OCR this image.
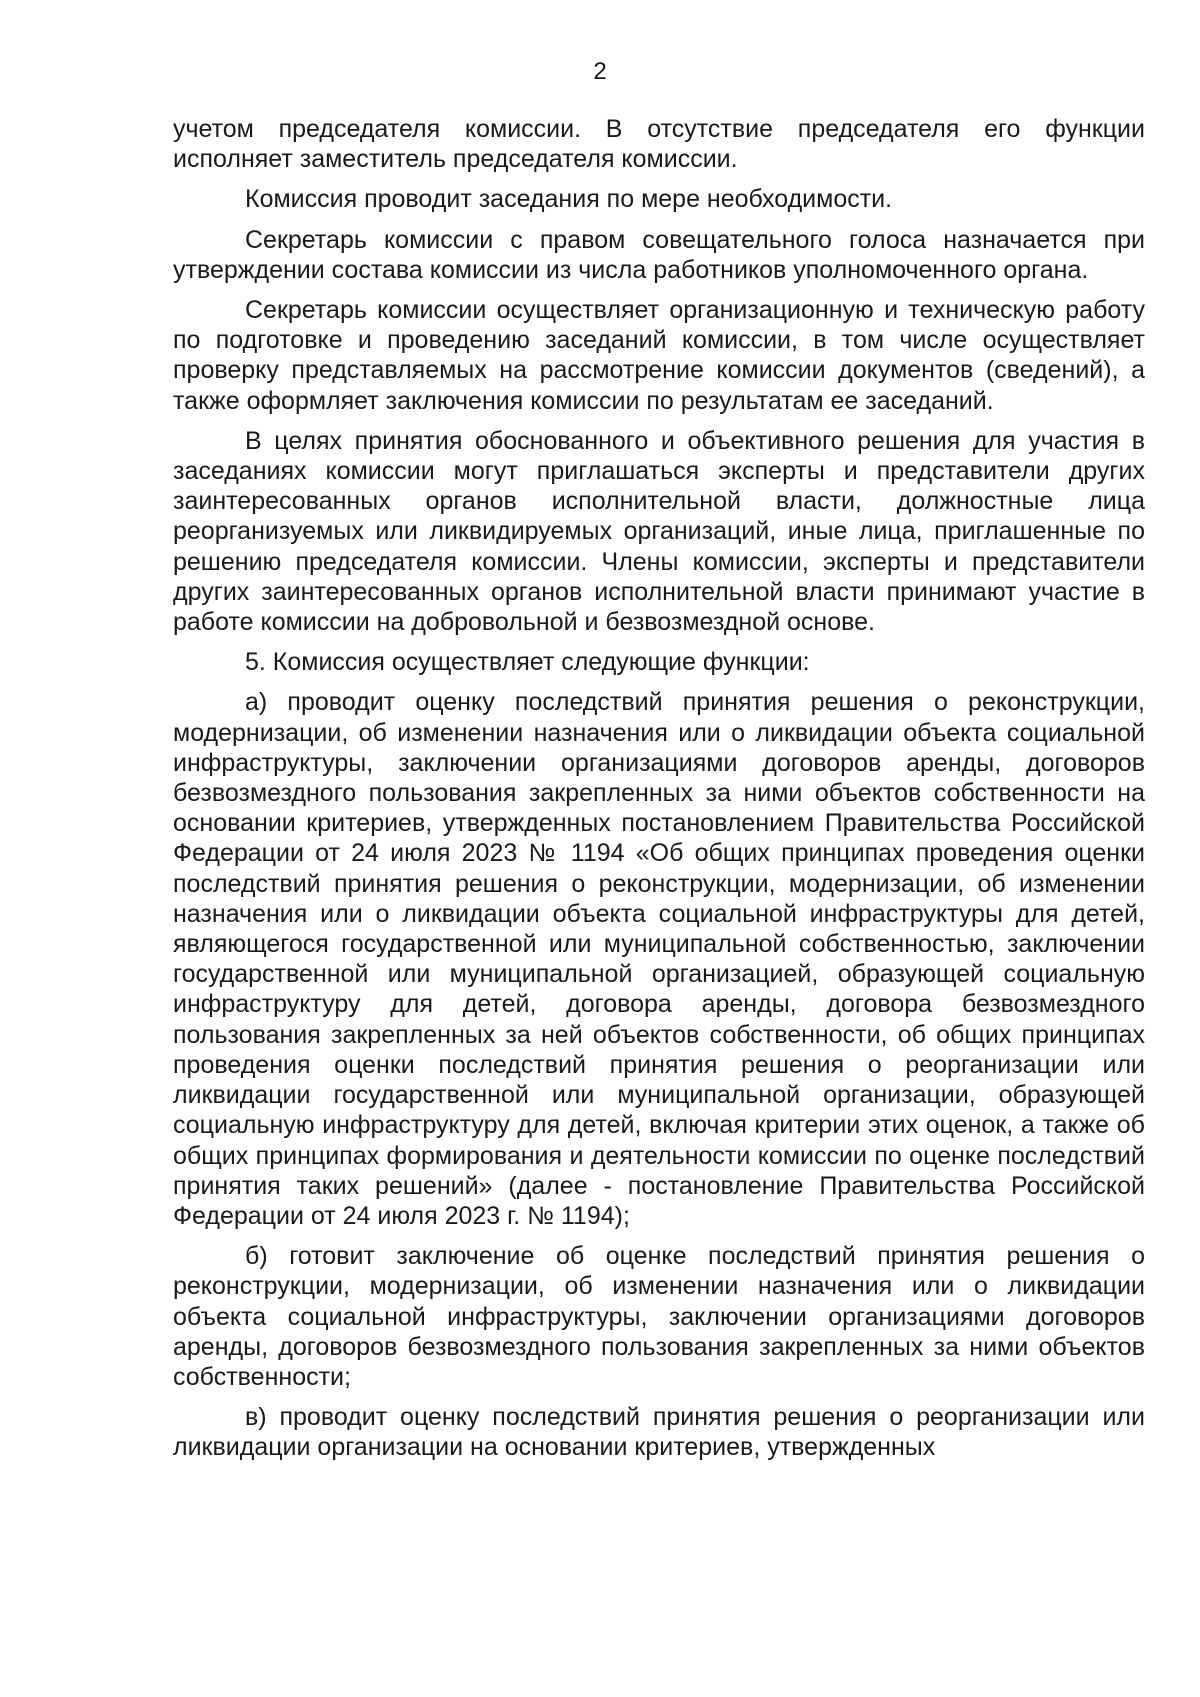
2

учетом председателя комиссии. В отсутствие председателя его функции исполняет заместитель председателя комиссии.

Комиссия проводит заседания по мере необходимости.

Секретарь комиссии с правом совещательного голоса назначается при утверждении состава комиссии из числа работников уполномоченного органа.

Секретарь комиссии осуществляет организационную и техническую работу по подготовке и проведению заседаний комиссии, в том числе осуществляет проверку представляемых на рассмотрение комиссии документов (сведений), а также оформляет заключения комиссии по результатам ее заседаний.

В целях принятия обоснованного и объективного решения для участия в заседаниях комиссии могут приглашаться эксперты и представители других заинтересованных органов исполнительной власти, должностные лица реорганизуемых или ликвидируемых организаций, иные лица, приглашенные по решению председателя комиссии. Члены комиссии, эксперты и представители других заинтересованных органов исполнительной власти принимают участие в работе комиссии на добровольной и безвозмездной основе.

5. Комиссия осуществляет следующие функции:

а) проводит оценку последствий принятия решения о реконструкции, модернизации, об изменении назначения или о ликвидации объекта социальной инфраструктуры, заключении организациями договоров аренды, договоров безвозмездного пользования закрепленных за ними объектов собственности на основании критериев, утвержденных постановлением Правительства Российской Федерации от 24 июля 2023 № 1194 «Об общих принципах проведения оценки последствий принятия решения о реконструкции, модернизации, об изменении назначения или о ликвидации объекта социальной инфраструктуры для детей, являющегося государственной или муниципальной собственностью, заключении государственной или муниципальной организацией, образующей социальную инфраструктуру для детей, договора аренды, договора безвозмездного пользования закрепленных за ней объектов собственности, об общих принципах проведения оценки последствий принятия решения о реорганизации или ликвидации государственной или муниципальной организации, образующей социальную инфраструктуру для детей, включая критерии этих оценок, а также об общих принципах формирования и деятельности комиссии по оценке последствий принятия таких решений» (далее - постановление Правительства Российской Федерации от 24 июля 2023 г. № 1194);

б) готовит заключение об оценке последствий принятия решения о реконструкции, модернизации, об изменении назначения или о ликвидации объекта социальной инфраструктуры, заключении организациями договоров аренды, договоров безвозмездного пользования закрепленных за ними объектов собственности;

в) проводит оценку последствий принятия решения о реорганизации или ликвидации организации на основании критериев, утвержденных
